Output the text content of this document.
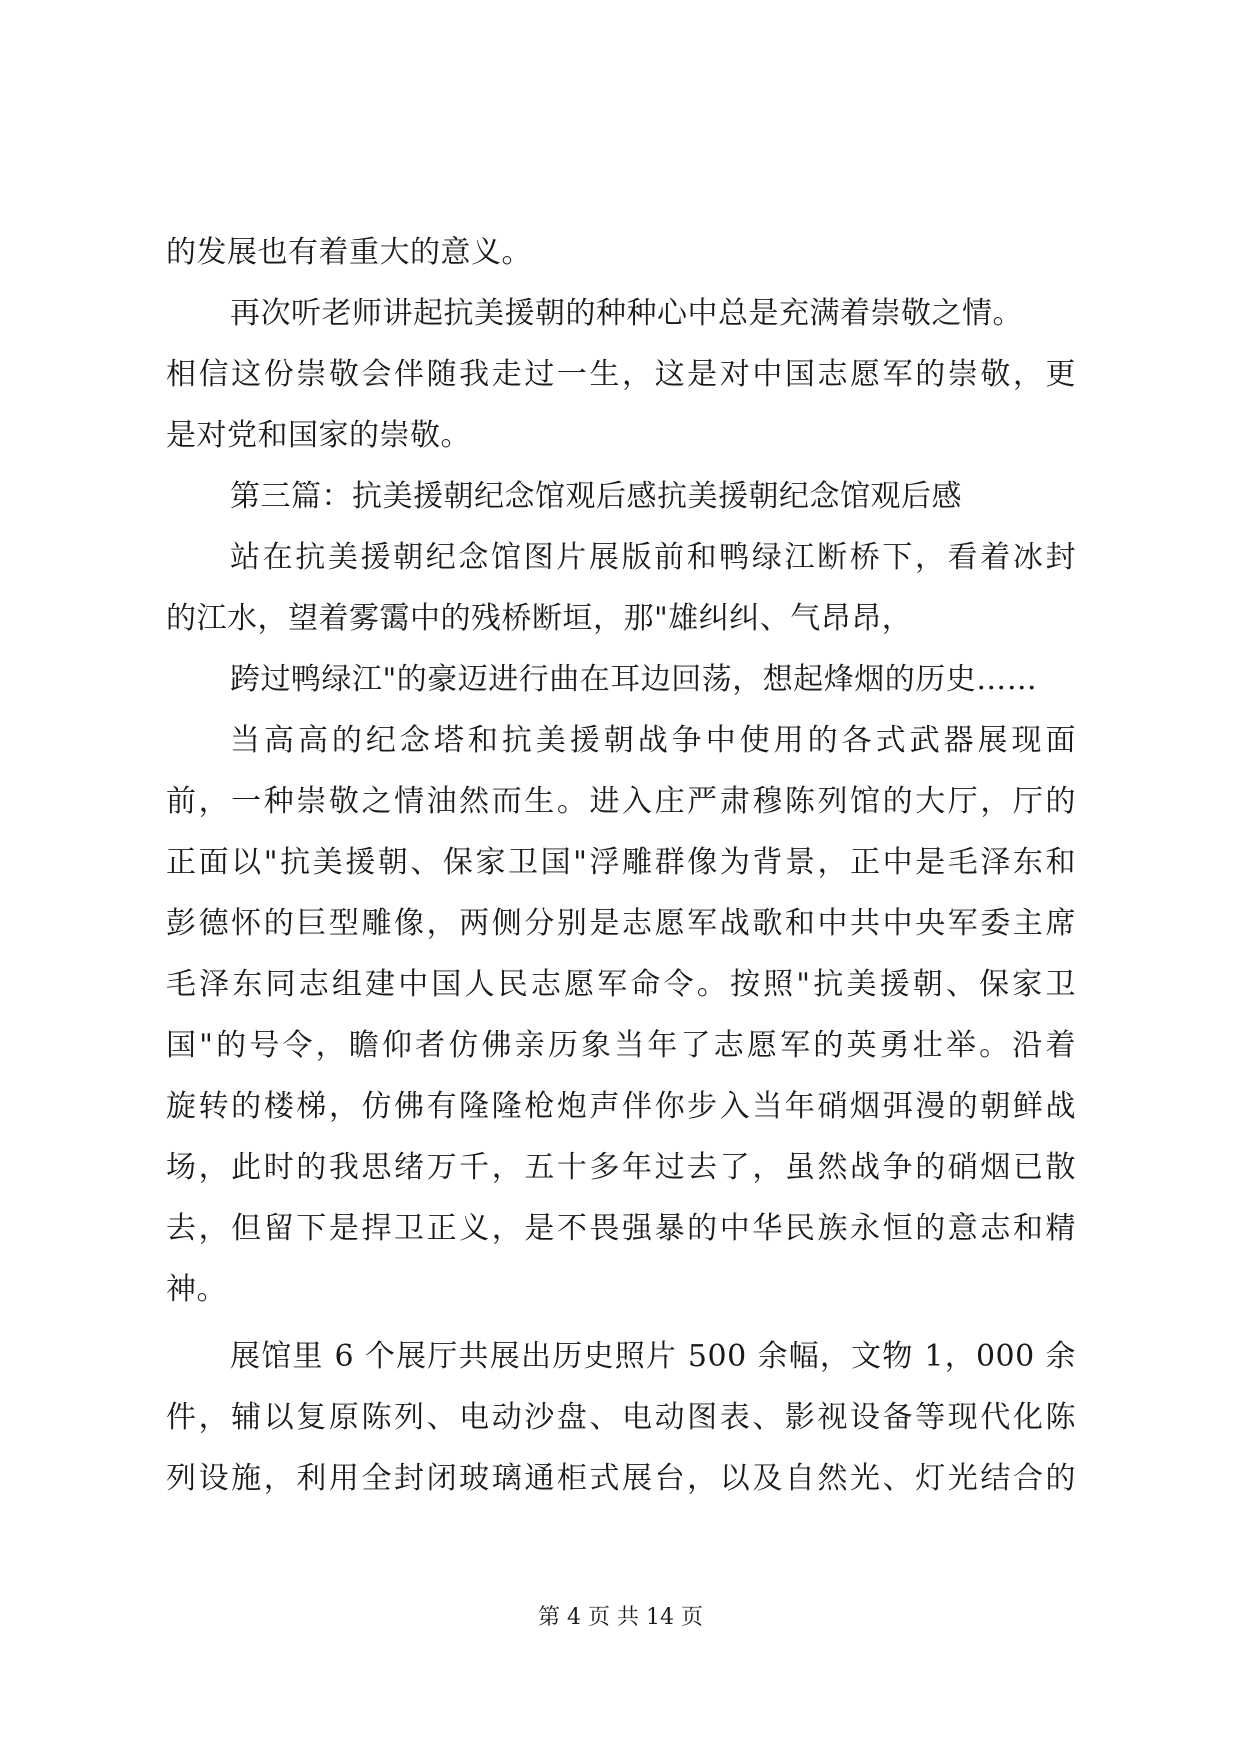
的发展也有着重大的意义。
再次听老师讲起抗美援朝的种种心中总是充满着崇敬之情。
相信这份崇敬会伴随我走过一生，这是对中国志愿军的崇敬，更
是对党和国家的崇敬。
第三篇：抗美援朝纪念馆观后感抗美援朝纪念馆观后感
站在抗美援朝纪念馆图片展版前和鸭绿江断桥下，看着冰封
的江水，望着雾霭中的残桥断垣，那"雄纠纠、气昂昂，
跨过鸭绿江"的豪迈进行曲在耳边回荡，想起烽烟的历史……
当高高的纪念塔和抗美援朝战争中使用的各式武器展现面
前，一种崇敬之情油然而生。进入庄严肃穆陈列馆的大厅，厅的
正面以"抗美援朝、保家卫国"浮雕群像为背景，正中是毛泽东和
彭德怀的巨型雕像，两侧分别是志愿军战歌和中共中央军委主席
毛泽东同志组建中国人民志愿军命令。按照"抗美援朝、保家卫
国"的号令，瞻仰者仿佛亲历象当年了志愿军的英勇壮举。沿着
旋转的楼梯，仿佛有隆隆枪炮声伴你步入当年硝烟弭漫的朝鲜战
场，此时的我思绪万千，五十多年过去了，虽然战争的硝烟已散
去，但留下是捍卫正义，是不畏强暴的中华民族永恒的意志和精
神。
展馆里 6 个展厅共展出历史照片 500 余幅，文物 1，000 余
件，辅以复原陈列、电动沙盘、电动图表、影视设备等现代化陈
列设施，利用全封闭玻璃通柜式展台，以及自然光、灯光结合的
第 4 页 共 14 页
